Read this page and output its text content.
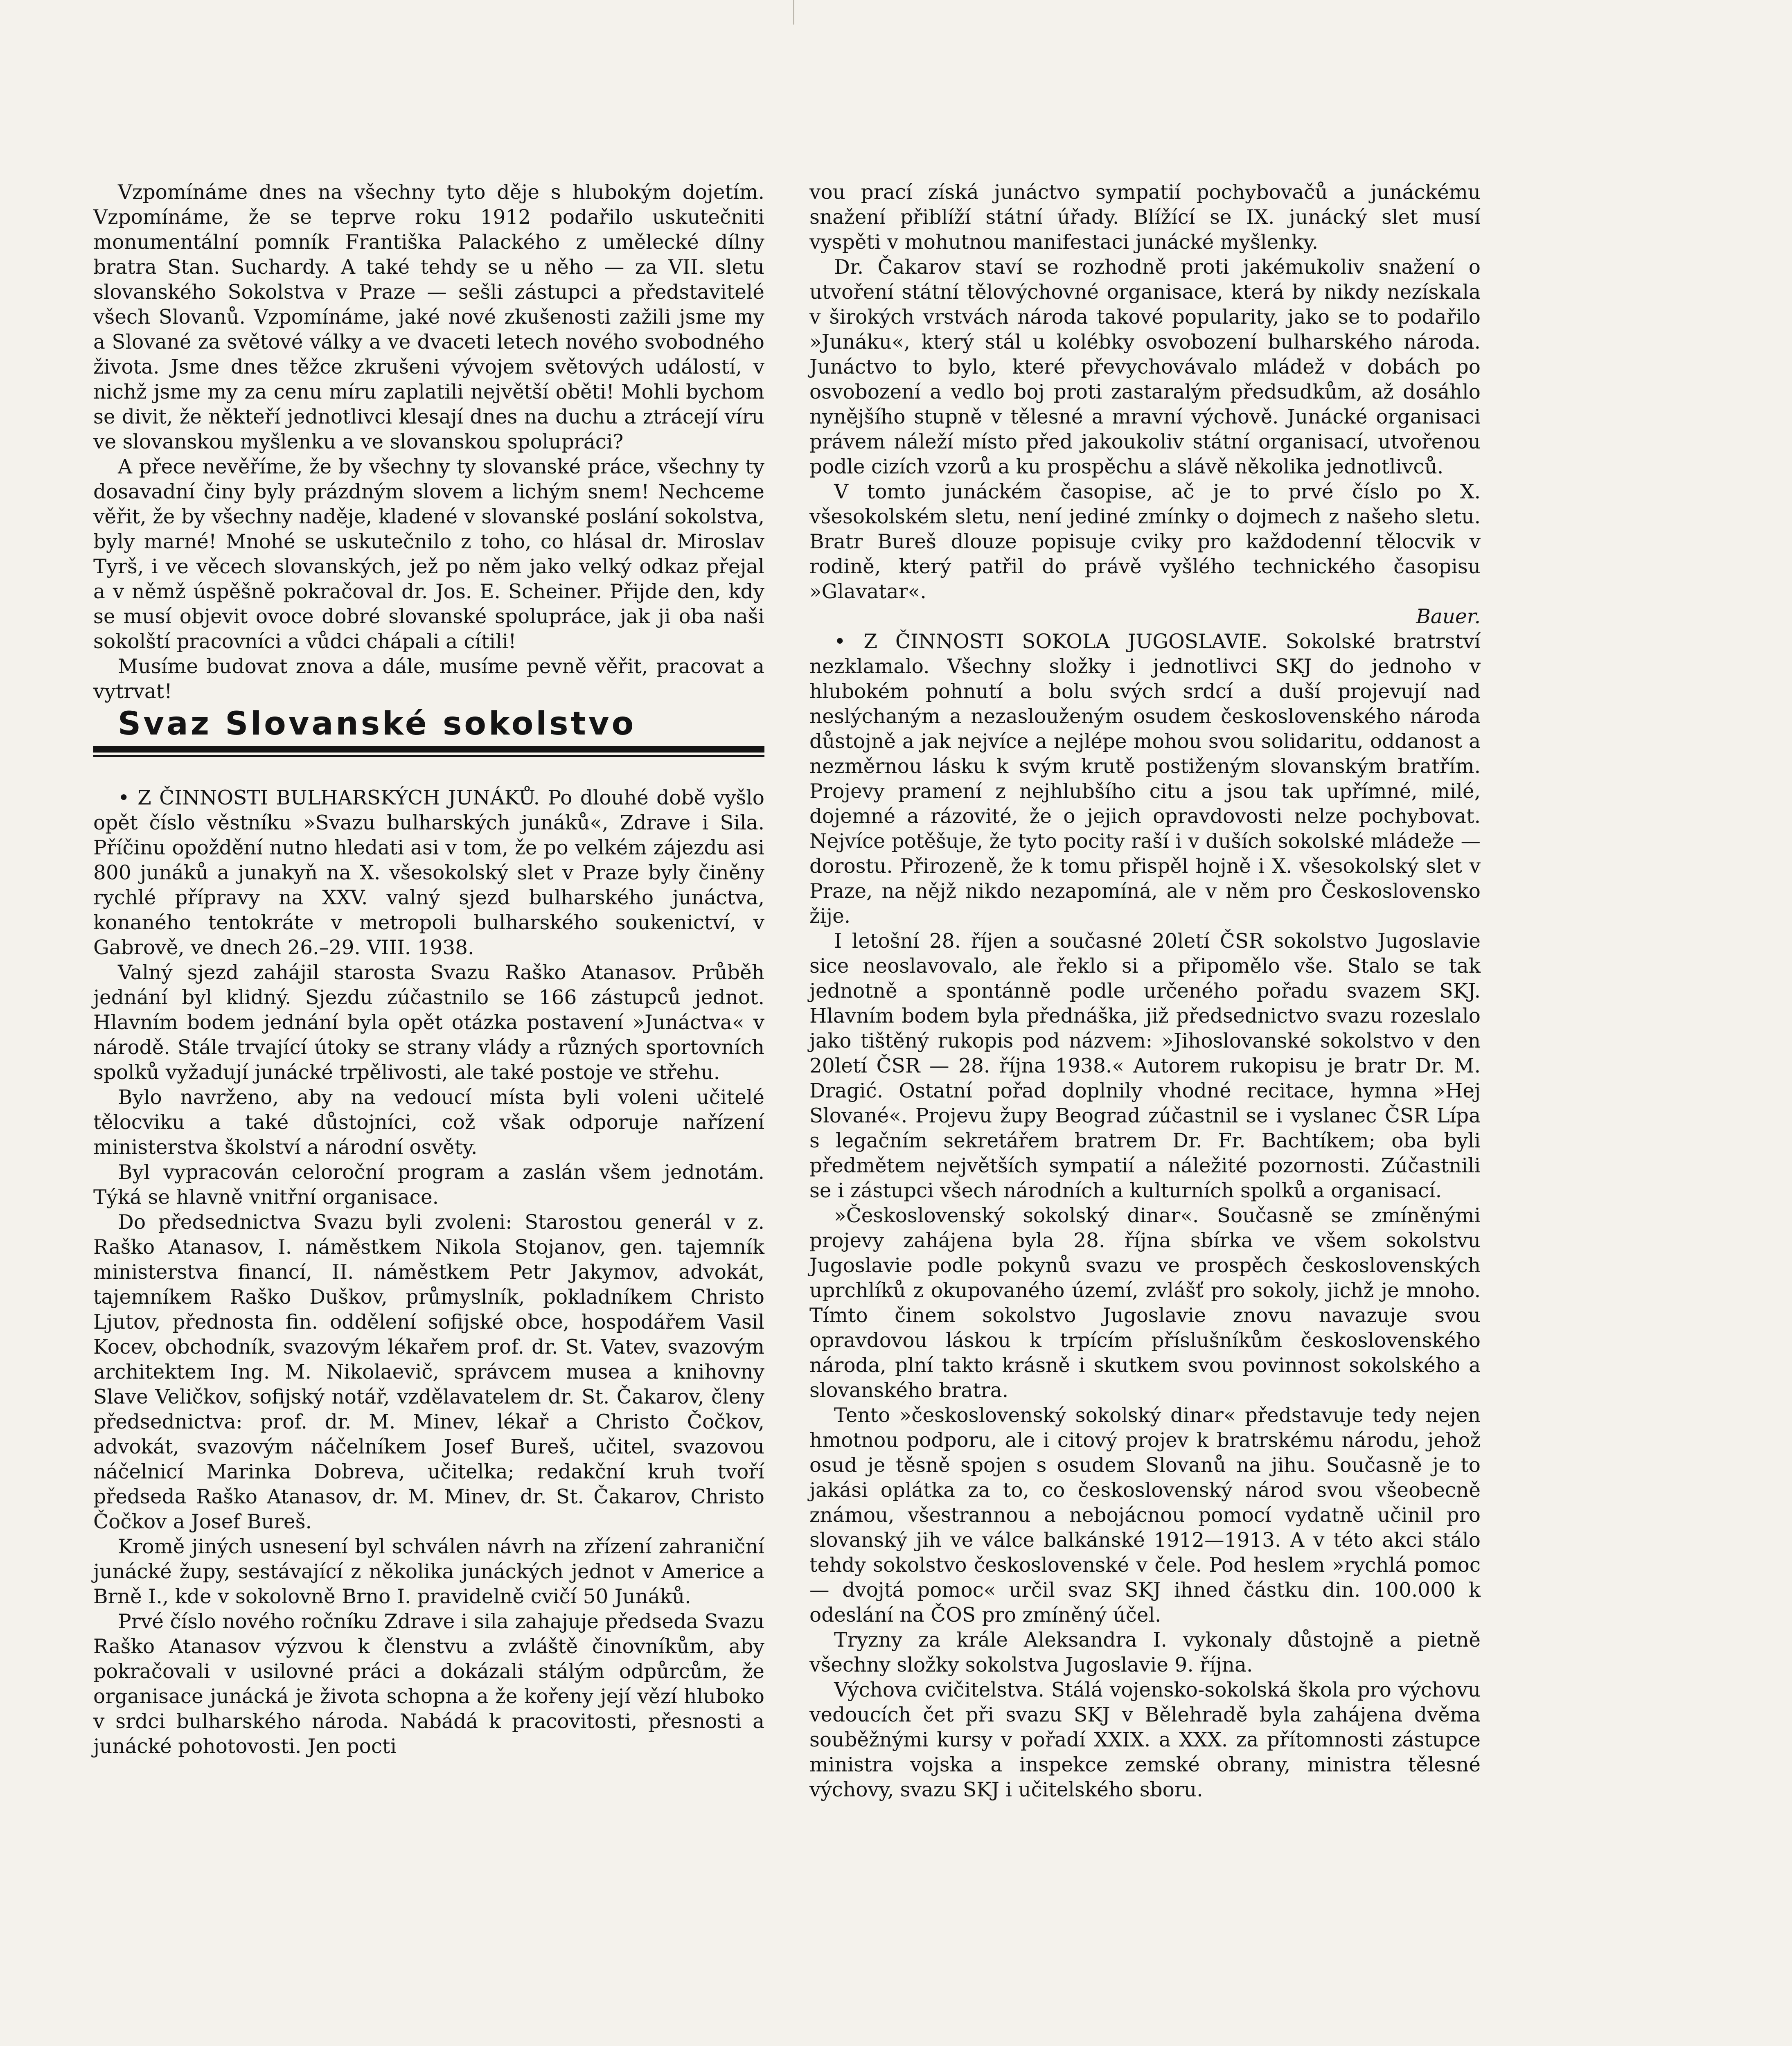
Vzpomínáme dnes na všechny tyto děje s hlubokým dojetím. Vzpomínáme, že se teprve roku 1912 podařilo uskutečniti monumentální pomník Františka Palackého z umělecké dílny bratra Stan. Suchardy. A také tehdy se u něho — za VII. sletu slovanského Sokolstva v Praze — sešli zástupci a představitelé všech Slovanů. Vzpomínáme, jaké nové zkušenosti zažili jsme my a Slované za světové války a ve dvaceti letech nového svobodného života. Jsme dnes těžce zkrušeni vývojem světových událostí, v nichž jsme my za cenu míru zaplatili největší oběti! Mohli bychom se divit, že někteří jednotlivci klesají dnes na duchu a ztrácejí víru ve slovanskou myšlenku a ve slovanskou spolupráci?

A přece nevěříme, že by všechny ty slovanské práce, všechny ty dosavadní činy byly prázdným slovem a lichým snem! Nechceme věřit, že by všechny naděje, kladené v slovanské poslání sokolstva, byly marné! Mnohé se uskutečnilo z toho, co hlásal dr. Miroslav Tyrš, i ve věcech slovanských, jež po něm jako velký odkaz přejal a v němž úspěšně pokračoval dr. Jos. E. Scheiner. Přijde den, kdy se musí objevit ovoce dobré slovanské spolupráce, jak ji oba naši sokolští pracovníci a vůdci chápali a cítili!

Musíme budovat znova a dále, musíme pevně věřit, pracovat a vytrvat!

Svaz Slovanské sokolstvo

• Z ČINNOSTI BULHARSKÝCH JUNÁKŮ. Po dlouhé době vyšlo opět číslo věstníku »Svazu bulharských junáků«, Zdrave i Sila. Příčinu opoždění nutno hledati asi v tom, že po velkém zájezdu asi 800 junáků a junakyň na X. všesokolský slet v Praze byly činěny rychlé přípravy na XXV. valný sjezd bulharského junáctva, konaného tentokráte v metropoli bulharského soukenictví, v Gabrově, ve dnech 26.–29. VIII. 1938.

Valný sjezd zahájil starosta Svazu Raško Atanasov. Průběh jednání byl klidný. Sjezdu zúčastnilo se 166 zástupců jednot. Hlavním bodem jednání byla opět otázka postavení »Junáctva« v národě. Stále trvající útoky se strany vlády a různých sportovních spolků vyžadují junácké trpělivosti, ale také postoje ve střehu.

Bylo navrženo, aby na vedoucí místa byli voleni učitelé tělocviku a také důstojníci, což však odporuje nařízení ministerstva školství a národní osvěty.

Byl vypracován celoroční program a zaslán všem jednotám. Týká se hlavně vnitřní organisace.

Do předsednictva Svazu byli zvoleni: Starostou generál v z. Raško Atanasov, I. náměstkem Nikola Stojanov, gen. tajemník ministerstva financí, II. náměstkem Petr Jakymov, advokát, tajemníkem Raško Duškov, průmyslník, pokladníkem Christo Ljutov, přednosta fin. oddělení sofijské obce, hospodářem Vasil Kocev, obchodník, svazovým lékařem prof. dr. St. Vatev, svazovým architektem Ing. M. Nikolaevič, správcem musea a knihovny Slave Veličkov, sofijský notář, vzdělavatelem dr. St. Čakarov, členy předsednictva: prof. dr. M. Minev, lékař a Christo Čočkov, advokát, svazovým náčelníkem Josef Bureš, učitel, svazovou náčelnicí Marinka Dobreva, učitelka; redakční kruh tvoří předseda Raško Atanasov, dr. M. Minev, dr. St. Čakarov, Christo Čočkov a Josef Bureš.

Kromě jiných usnesení byl schválen návrh na zřízení zahraniční junácké župy, sestávající z několika junáckých jednot v Americe a Brně I., kde v sokolovně Brno I. pravidelně cvičí 50 Junáků.

Prvé číslo nového ročníku Zdrave i sila zahajuje předseda Svazu Raško Atanasov výzvou k členstvu a zvláště činovníkům, aby pokračovali v usilovné práci a dokázali stálým odpůrcům, že organisace junácká je života schopna a že kořeny její vězí hluboko v srdci bulharského národa. Nabádá k pracovitosti, přesnosti a junácké pohotovosti. Jen pocti

vou prací získá junáctvo sympatií pochybovačů a junáckému snažení přiblíží státní úřady. Blížící se IX. junácký slet musí vyspěti v mohutnou manifestaci junácké myšlenky.

Dr. Čakarov staví se rozhodně proti jakémukoliv snažení o utvoření státní tělovýchovné organisace, která by nikdy nezískala v širokých vrstvách národa takové popularity, jako se to podařilo »Junáku«, který stál u kolébky osvobození bulharského národa. Junáctvo to bylo, které převychovávalo mládež v dobách po osvobození a vedlo boj proti zastaralým předsudkům, až dosáhlo nynějšího stupně v tělesné a mravní výchově. Junácké organisaci právem náleží místo před jakoukoliv státní organisací, utvořenou podle cizích vzorů a ku prospěchu a slávě několika jednotlivců.

V tomto junáckém časopise, ač je to prvé číslo po X. všesokolském sletu, není jediné zmínky o dojmech z našeho sletu. Bratr Bureš dlouze popisuje cviky pro každodenní tělocvik v rodině, který patřil do právě vyšlého technického časopisu »Glavatar«.

Bauer.

• Z ČINNOSTI SOKOLA JUGOSLAVIE. Sokolské bratrství nezklamalo. Všechny složky i jednotlivci SKJ do jednoho v hlubokém pohnutí a bolu svých srdcí a duší projevují nad neslýchaným a nezaslouženým osudem československého národa důstojně a jak nejvíce a nejlépe mohou svou solidaritu, oddanost a nezměrnou lásku k svým krutě postiženým slovanským bratřím. Projevy pramení z nejhlubšího citu a jsou tak upřímné, milé, dojemné a rázovité, že o jejich opravdovosti nelze pochybovat. Nejvíce potěšuje, že tyto pocity raší i v duších sokolské mládeže — dorostu. Přirozeně, že k tomu přispěl hojně i X. všesokolský slet v Praze, na nějž nikdo nezapomíná, ale v něm pro Československo žije.

I letošní 28. říjen a současné 20letí ČSR sokolstvo Jugoslavie sice neoslavovalo, ale řeklo si a připomělo vše. Stalo se tak jednotně a spontánně podle určeného pořadu svazem SKJ. Hlavním bodem byla přednáška, již předsednictvo svazu rozeslalo jako tištěný rukopis pod názvem: »Jihoslovanské sokolstvo v den 20letí ČSR — 28. října 1938.« Autorem rukopisu je bratr Dr. M. Dragić. Ostatní pořad doplnily vhodné recitace, hymna »Hej Slované«. Projevu župy Beograd zúčastnil se i vyslanec ČSR Lípa s legačním sekretářem bratrem Dr. Fr. Bachtíkem; oba byli předmětem největších sympatií a náležité pozornosti. Zúčastnili se i zástupci všech národních a kulturních spolků a organisací.

»Československý sokolský dinar«. Současně se zmíněnými projevy zahájena byla 28. října sbírka ve všem sokolstvu Jugoslavie podle pokynů svazu ve prospěch československých uprchlíků z okupovaného území, zvlášť pro sokoly, jichž je mnoho. Tímto činem sokolstvo Jugoslavie znovu navazuje svou opravdovou láskou k trpícím příslušníkům československého národa, plní takto krásně i skutkem svou povinnost sokolského a slovanského bratra.

Tento »československý sokolský dinar« představuje tedy nejen hmotnou podporu, ale i citový projev k bratrskému národu, jehož osud je těsně spojen s osudem Slovanů na jihu. Současně je to jakási oplátka za to, co československý národ svou všeobecně známou, všestrannou a nebojácnou pomocí vydatně učinil pro slovanský jih ve válce balkánské 1912—1913. A v této akci stálo tehdy sokolstvo československé v čele. Pod heslem »rychlá pomoc — dvojtá pomoc« určil svaz SKJ ihned částku din. 100.000 k odeslání na ČOS pro zmíněný účel.

Tryzny za krále Aleksandra I. vykonaly důstojně a pietně všechny složky sokolstva Jugoslavie 9. října.

Výchova cvičitelstva. Stálá vojensko-sokolská škola pro výchovu vedoucích čet při svazu SKJ v Bělehradě byla zahájena dvěma souběžnými kursy v pořadí XXIX. a XXX. za přítomnosti zástupce ministra vojska a inspekce zemské obrany, ministra tělesné výchovy, svazu SKJ i učitelského sboru.
